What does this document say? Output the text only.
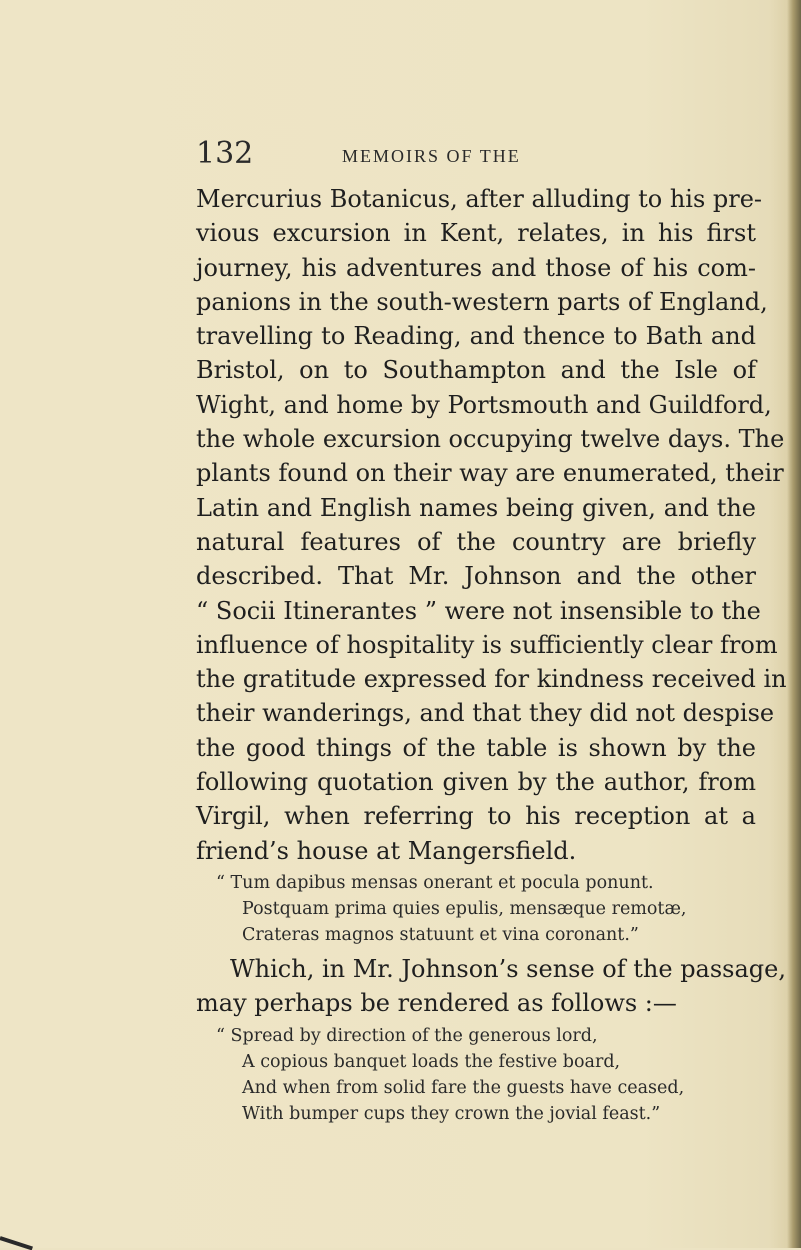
132	MEMOIRS OF THE
Mercurius Botanicus, after alluding to his pre-
vious excursion in Kent, relates, in his first
journey, his adventures and those of his com-
panions in the south-western parts of England,
travelling to Reading, and thence to Bath and
Bristol, on to Southampton and the Isle of
Wight, and home by Portsmouth and Guildford,
the whole excursion occupying twelve days. The
plants found on their way are enumerated, their
Latin and English names being given, and the
natural features of the country are briefly
described. That Mr. Johnson and the other
“ Socii Itinerantes ” were not insensible to the
influence of hospitality is sufficiently clear from
the gratitude expressed for kindness received in
their wanderings, and that they did not despise
the good things of the table is shown by the
following quotation given by the author, from
Virgil, when referring to his reception at a
friend’s house at Mangersfield.
“ Tum dapibus mensas onerant et pocula ponunt.
Postquam prima quies epulis, mensæque remotæ,
Crateras magnos statuunt et vina coronant.”
Which, in Mr. Johnson’s sense of the passage,
may perhaps be rendered as follows :—
“ Spread by direction of the generous lord,
A copious banquet loads the festive board,
And when from solid fare the guests have ceased,
With bumper cups they crown the jovial feast.”
